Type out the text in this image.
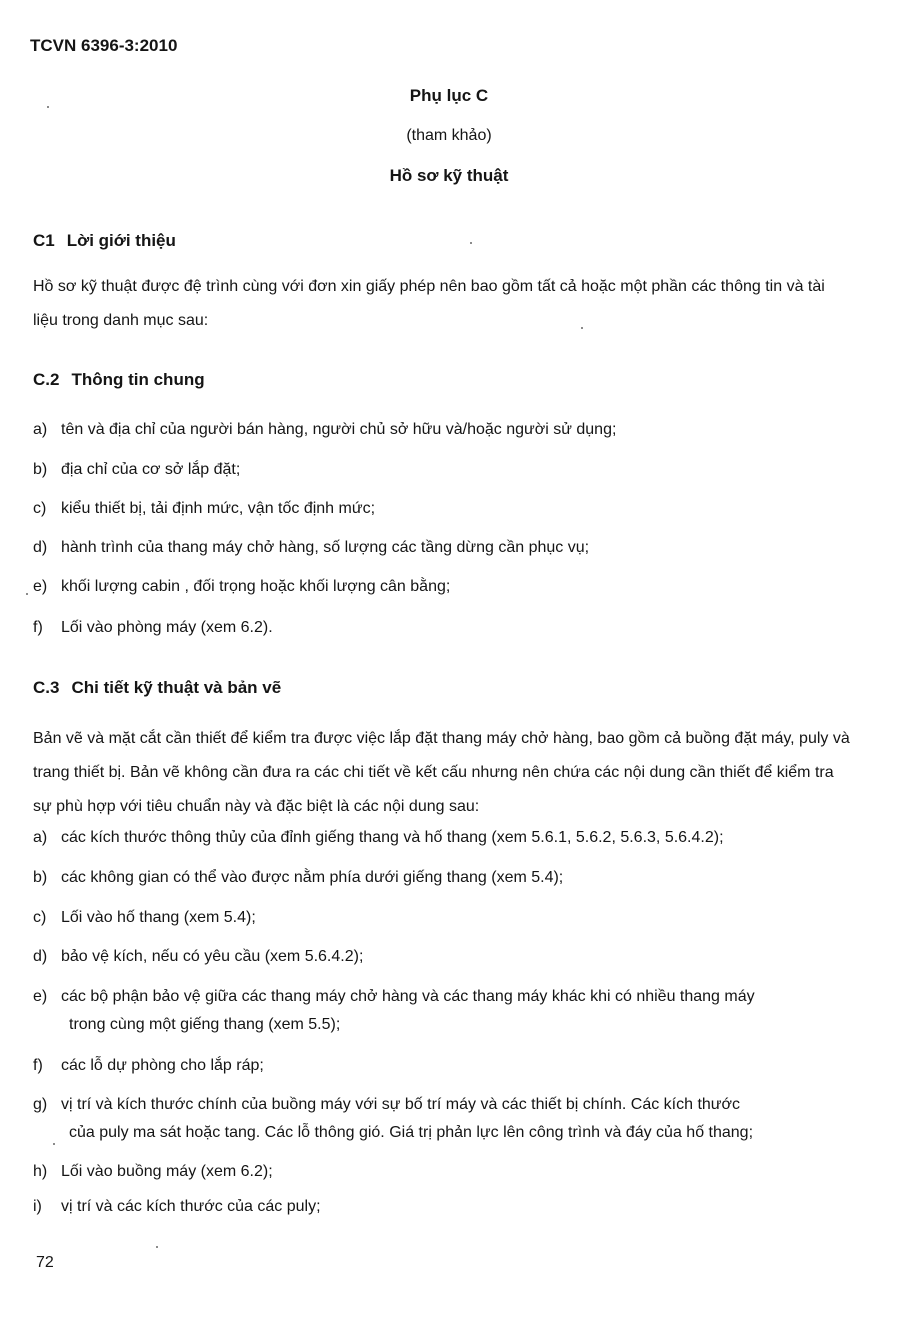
TCVN 6396-3:2010
Phụ lục C
(tham khảo)
Hồ sơ kỹ thuật
C1 Lời giới thiệu
Hồ sơ kỹ thuật được đệ trình cùng với đơn xin giấy phép nên bao gồm tất cả hoặc một phần các thông tin và tài liệu trong danh mục sau:
C.2 Thông tin chung
a) tên và địa chỉ của người bán hàng, người chủ sở hữu và/hoặc người sử dụng;
b) địa chỉ của cơ sở lắp đặt;
c) kiểu thiết bị, tải định mức, vận tốc định mức;
d) hành trình của thang máy chở hàng, số lượng các tầng dừng cần phục vụ;
e) khối lượng cabin , đối trọng hoặc khối lượng cân bằng;
f) Lối vào phòng máy (xem 6.2).
C.3 Chi tiết kỹ thuật và bản vẽ
Bản vẽ và mặt cắt cần thiết để kiểm tra được việc lắp đặt thang máy chở hàng, bao gồm cả buồng đặt máy, puly và trang thiết bị. Bản vẽ không cần đưa ra các chi tiết về kết cấu nhưng nên chứa các nội dung cần thiết để kiểm tra sự phù hợp với tiêu chuẩn này và đặc biệt là các nội dung sau:
a) các kích thước thông thủy của đỉnh giếng thang và hố thang (xem 5.6.1, 5.6.2, 5.6.3, 5.6.4.2);
b) các không gian có thể vào được nằm phía dưới giếng thang (xem 5.4);
c) Lối vào hố thang (xem 5.4);
d) bảo vệ kích, nếu có yêu cầu (xem 5.6.4.2);
e) các bộ phận bảo vệ giữa các thang máy chở hàng và các thang máy khác khi có nhiều thang máy
trong cùng một giếng thang (xem 5.5);
f) các lỗ dự phòng cho lắp ráp;
g) vị trí và kích thước chính của buồng máy với sự bố trí máy và các thiết bị chính. Các kích thước
của puly ma sát hoặc tang. Các lỗ thông gió. Giá trị phản lực lên công trình và đáy của hố thang;
h) Lối vào buồng máy (xem 6.2);
i) vị trí và các kích thước của các puly;
72
